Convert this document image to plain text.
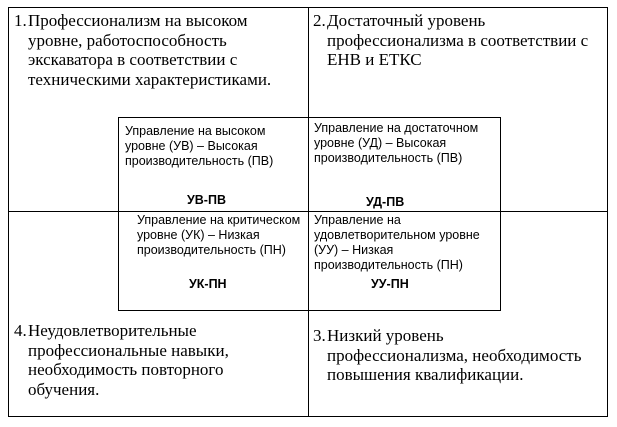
1. Профессионализм на высоком уровне, работоспособность экскаватора в соответствии с техническими характеристиками.
2. Достаточный уровень профессионализма в соответствии с ЕНВ и ЕТКС
4. Неудовлетворительные профессиональные навыки, необходимость повторного обучения.
3. Низкий уровень профессионализма, необходимость повышения квалификации.
Управление на высоком уровне (УВ) – Высокая производительность (ПВ)
УВ-ПВ
Управление на достаточном уровне (УД) – Высокая производительность (ПВ)
УД-ПВ
Управление на критическом уровне (УК) – Низкая производительность (ПН)
УК-ПН
Управление на удовлетворительном уровне (УУ) – Низкая производительность (ПН)
УУ-ПН
